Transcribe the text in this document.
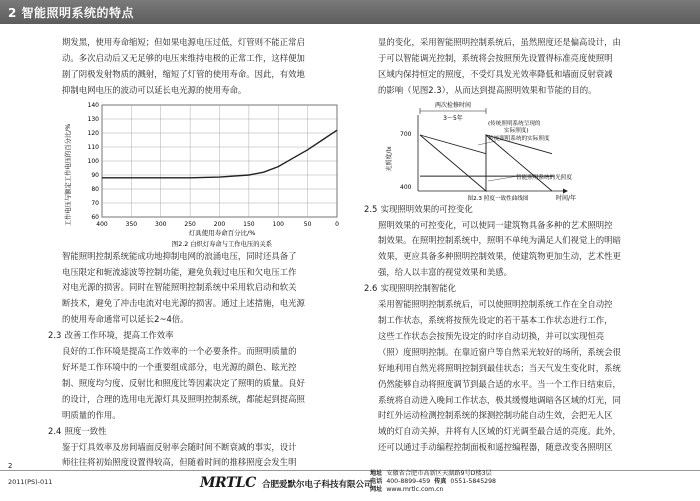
2 智能照明系统的特点
期发黑，使用寿命缩短；但如果电源电压过低，灯管则不能正常启
动。多次启动后又无足够的电压来维持电极的正常工作，这样便加
剧了阴极发射物质的溅射，缩短了灯管的使用寿命。因此，有效地
抑制电网电压的波动可以延长电光源的使用寿命。
140
130
120
110
100
90
80
70
60
400	350	300	250	200	150	100	50	0
工作电压与额定工作电压的百分比/%
灯具使用寿命百分比/%
图2.2 白炽灯寿命与工作电压的关系
智能照明控制系统能成功地抑制电网的浪涌电压，同时还具备了
电压限定和轭流滤波等控制功能，避免负载过电压和欠电压工作
对电光源的损害。同时在智能照明控制系统中采用软启动和软关
断技术，避免了冲击电流对电光源的损害。通过上述措施，电光源
的使用寿命通常可以延长2~4倍。
2.3 改善工作环境，提高工作效率
良好的工作环境是提高工作效率的一个必要条件。而照明质量的
好坏是工作环境中的一个重要组成部分，电光源的颜色、眩光控
制、照度均匀度、反射比和照度比等因素决定了照明的质量。良好
的设计，合理的选用电光源灯具及照明控制系统，都能起到提高照
明质量的作用。
2.4 照度一致性
鉴于灯具效率及房间墙面反射率会随时间不断衰减的事实，设计
师往往将初始照度设置得较高，但随着时间的推移照度会发生明
显的变化，采用智能照明控制系统后，虽然照度还是偏高设计，由
于可以智能调光控制，系统将会按照预先设置得标准亮度使照明
区域内保持恒定的照度，不受灯具发光效率降低和墙面反射衰减
的影响（见图2.3），从而达到提高照明效果和节能的目的。
两次检修时间
3～5年
700
400
光照度/lx
时间/年
(传统照明系统呈现的
实际照度)
传统照明系统的实际照度
智能照明系统的光照度
图2.3 照度一致性曲线图
2.5 实现照明效果的可控变化
照明效果的可控变化，可以使同一建筑物具备多种的艺术照明控
制效果。在照明控制系统中，照明不单纯为满足人们视觉上的明暗
效果，更应具备多种照明控制效果，使建筑物更加生动，艺术性更
强，给人以丰富的视觉效果和美感。
2.6 实现照明控制智能化
采用智能照明控制系统后，可以使照明控制系统工作在全自动控
制工作状态，系统将按预先设定的若干基本工作状态进行工作，
这些工作状态会按预先设定的时序自动切换，并可以实现恒亮
（照）度照明控制。在靠近窗户等自然采光较好的场所，系统会很
好地利用自然光将照明控制到最佳状态；当天气发生变化时，系统
仍然能够自动将照度调节到最合适的水平。当一个工作日结束后，
系统将自动进入晚间工作状态，极其缓慢地调暗各区域的灯光，同
时红外运动检测控制系统的探测控制功能自动生效，会把无人区
域的灯自动关掉，并将有人区域的灯光调至最合适的亮度。此外，
还可以通过手动编程控制面板和遥控编程器，随意改变各照明区
2
2011(PS)-011	MRTLC 合肥爱默尔电子科技有限公司
地址 安徽省合肥市高新区天湖路9号D楼3层
电话 400-8899-459 传真 0551-5845298
网址 www.mrtlc.com.cn
